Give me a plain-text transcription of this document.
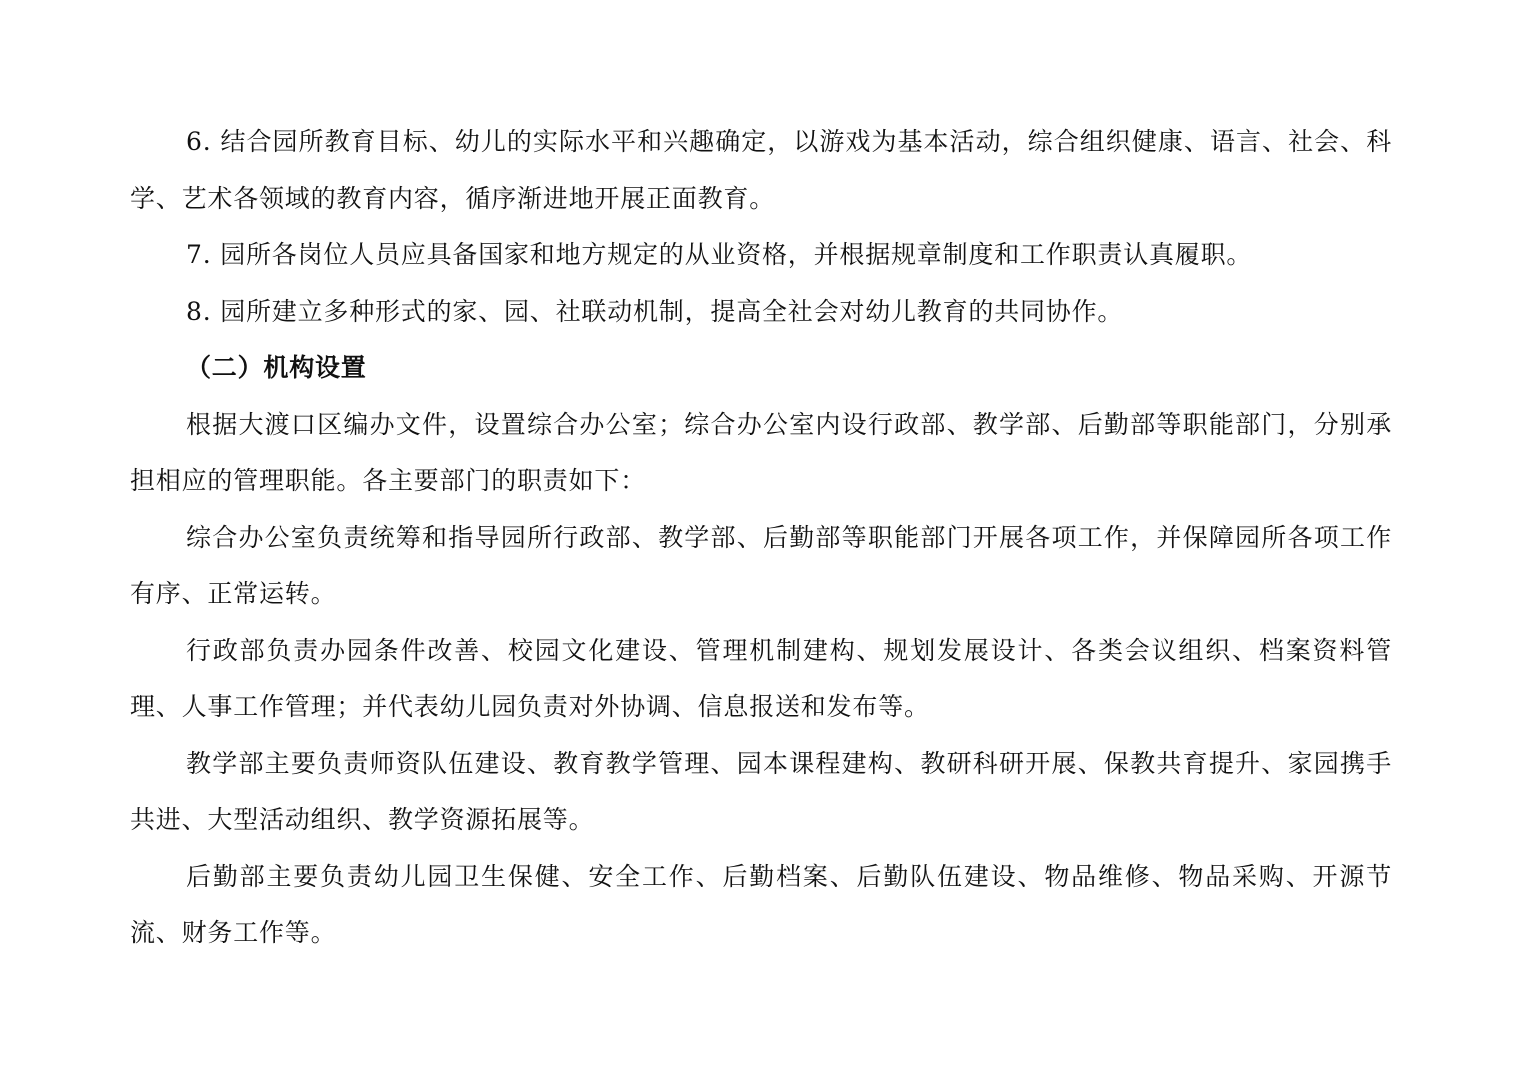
6. 结合园所教育目标、幼儿的实际水平和兴趣确定，以游戏为基本活动，综合组织健康、语言、社会、科学、艺术各领域的教育内容，循序渐进地开展正面教育。

7. 园所各岗位人员应具备国家和地方规定的从业资格，并根据规章制度和工作职责认真履职。

8. 园所建立多种形式的家、园、社联动机制，提高全社会对幼儿教育的共同协作。

（二）机构设置

根据大渡口区编办文件，设置综合办公室；综合办公室内设行政部、教学部、后勤部等职能部门，分别承担相应的管理职能。各主要部门的职责如下：

综合办公室负责统筹和指导园所行政部、教学部、后勤部等职能部门开展各项工作，并保障园所各项工作有序、正常运转。

行政部负责办园条件改善、校园文化建设、管理机制建构、规划发展设计、各类会议组织、档案资料管理、人事工作管理；并代表幼儿园负责对外协调、信息报送和发布等。

教学部主要负责师资队伍建设、教育教学管理、园本课程建构、教研科研开展、保教共育提升、家园携手共进、大型活动组织、教学资源拓展等。

后勤部主要负责幼儿园卫生保健、安全工作、后勤档案、后勤队伍建设、物品维修、物品采购、开源节流、财务工作等。
